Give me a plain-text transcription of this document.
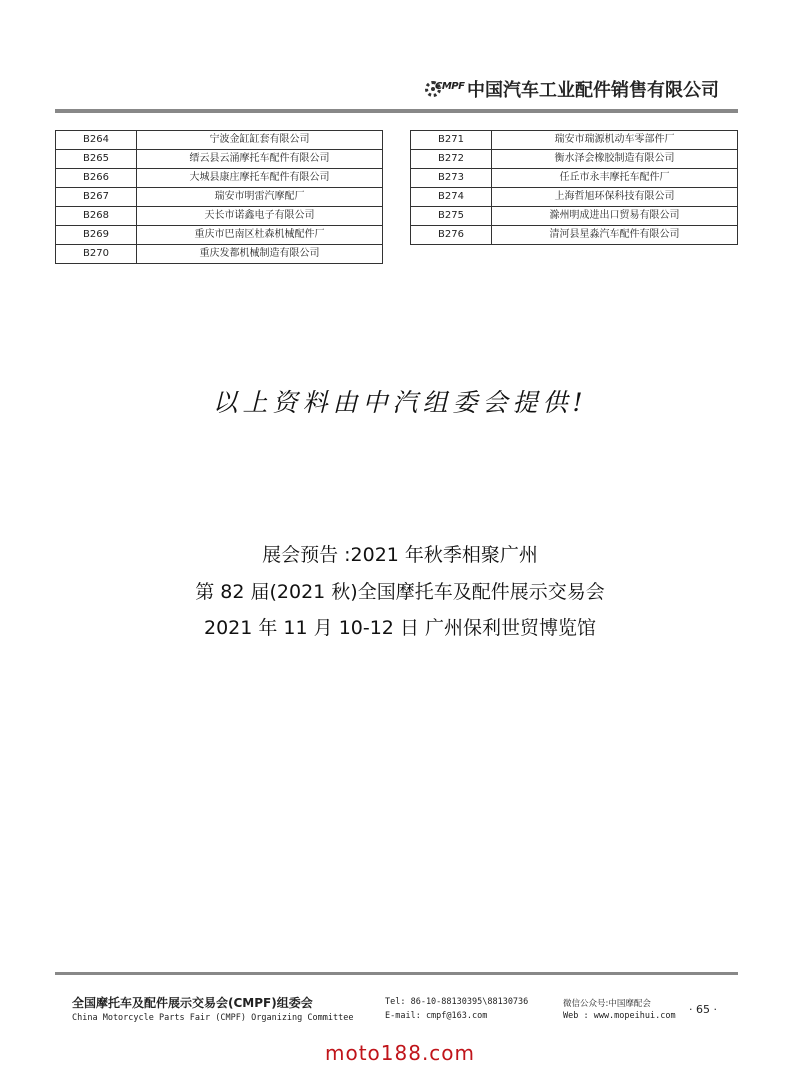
CMPF 中国汽车工业配件销售有限公司
B264	宁波金缸缸套有限公司
B265	缙云县云涌摩托车配件有限公司
B266	大城县康庄摩托车配件有限公司
B267	瑞安市明雷汽摩配厂
B268	天长市诺鑫电子有限公司
B269	重庆市巴南区杜森机械配件厂
B270	重庆发都机械制造有限公司
B271	瑞安市瑞源机动车零部件厂
B272	衡水泽会橡胶制造有限公司
B273	任丘市永丰摩托车配件厂
B274	上海哲旭环保科技有限公司
B275	滁州明成进出口贸易有限公司
B276	清河县星淼汽车配件有限公司
以上资料由中汽组委会提供!
展会预告 :2021 年秋季相聚广州
第 82 届(2021 秋)全国摩托车及配件展示交易会
2021 年 11 月 10-12 日 广州保利世贸博览馆
全国摩托车及配件展示交易会(CMPF)组委会
China Motorcycle Parts Fair (CMPF) Organizing Committee
Tel: 86-10-88130395\88130736
E-mail: cmpf@163.com
微信公众号:中国摩配会
Web : www.mopeihui.com · 65 ·
moto188.com
